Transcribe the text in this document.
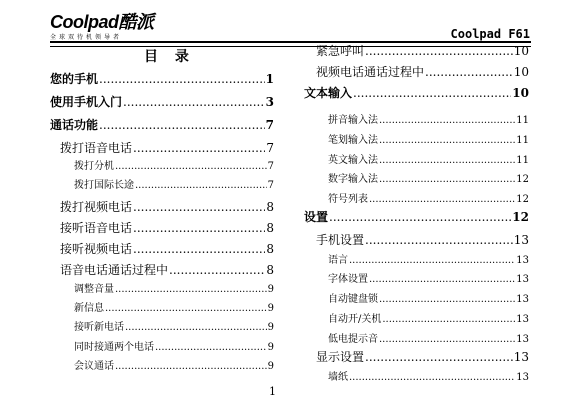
Coolpad酷派
全球双待机领导者	Coolpad F61
目 录
您的手机 .....	1
使用手机入门 .....	3
通话功能 .....	7
拨打语音电话 .....	7
拨打分机 .....	7
拨打国际长途 .....	7
拨打视频电话 .....	8
接听语音电话 .....	8
接听视频电话 .....	8
语音电话通话过程中 .....	8
调整音量 .....	9
新信息 .....	9
接听新电话 .....	9
同时接通两个电话 .....	9
会议通话 .....	9
紧急呼叫 .....	10
视频电话通话过程中 .....	10
文本输入 .....	10
拼音输入法 .....	11
笔划输入法 .....	11
英文输入法 .....	11
数字输入法 .....	12
符号列表 .....	12
设置 .....	12
手机设置 .....	13
语言 .....	13
字体设置 .....	13
自动键盘锁 .....	13
自动开/关机 .....	13
低电提示音 .....	13
显示设置 .....	13
墙纸 .....	13
1
